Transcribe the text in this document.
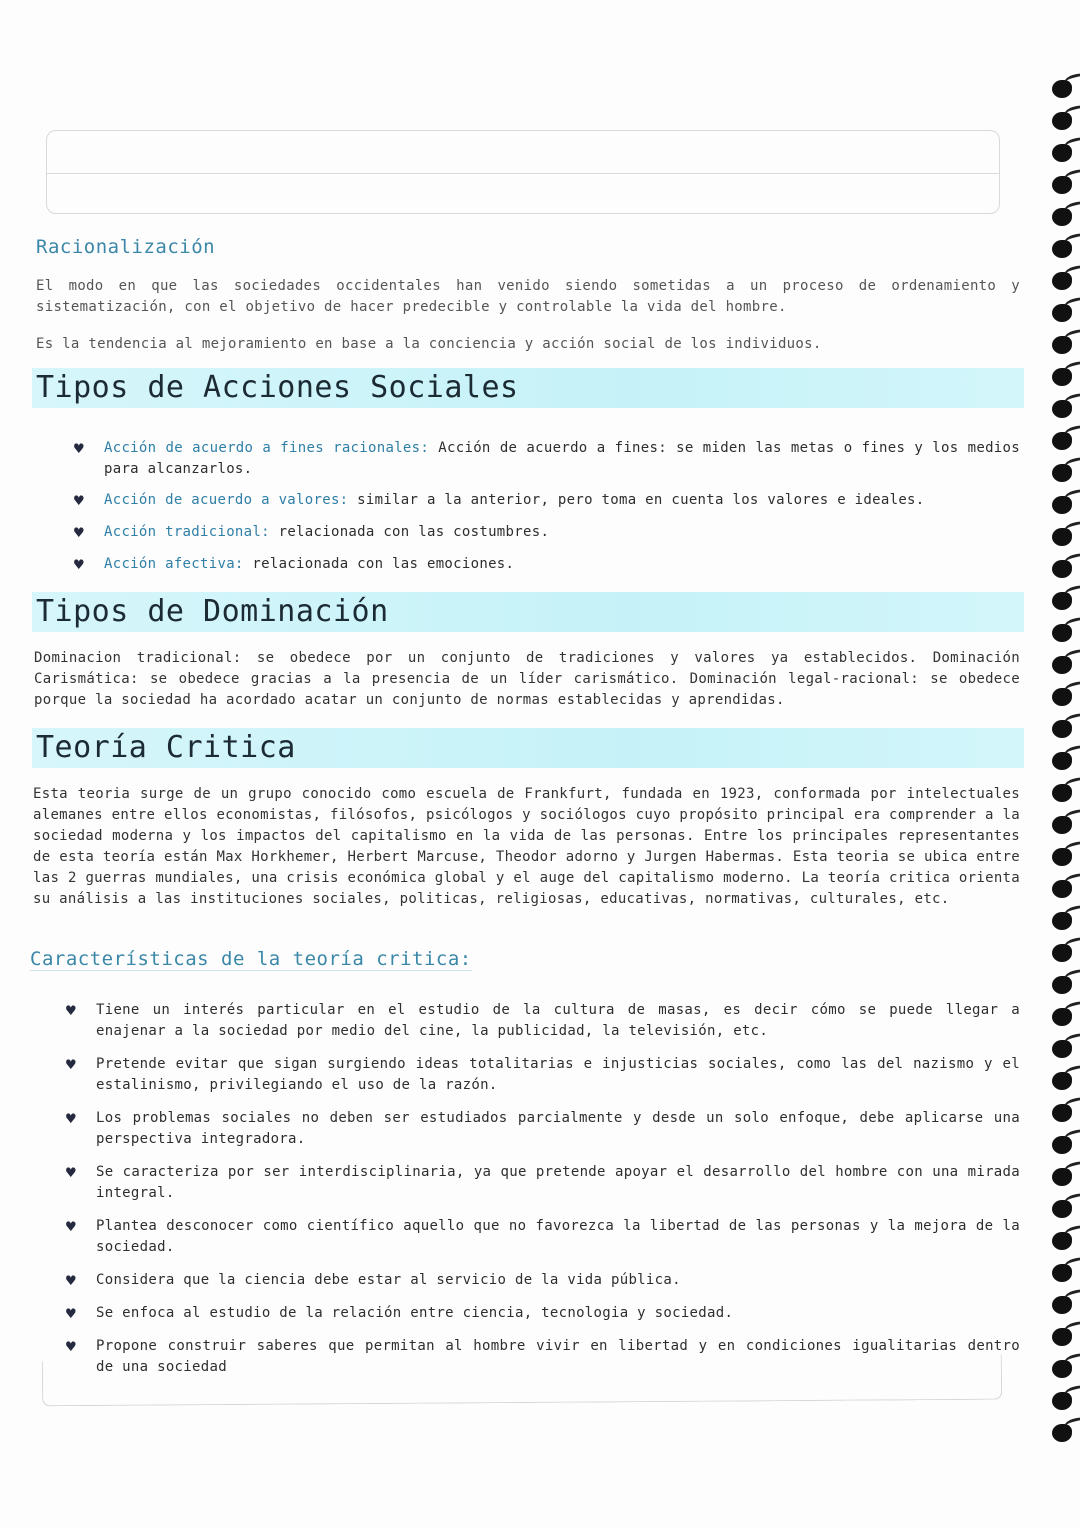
Racionalización
El modo en que las sociedades occidentales han venido siendo sometidas a un proceso de ordenamiento y sistematización, con el objetivo de hacer predecible y controlable la vida del hombre.
Es la tendencia al mejoramiento en base a la conciencia y acción social de los individuos.
Tipos de Acciones Sociales
♥ Acción de acuerdo a fines racionales: Acción de acuerdo a fines: se miden las metas o fines y los medios para alcanzarlos.
♥ Acción de acuerdo a valores: similar a la anterior, pero toma en cuenta los valores e ideales.
♥ Acción tradicional: relacionada con las costumbres.
♥ Acción afectiva: relacionada con las emociones.
Tipos de Dominación
Dominacion tradicional: se obedece por un conjunto de tradiciones y valores ya establecidos. Dominación Carismática: se obedece gracias a la presencia de un líder carismático. Dominación legal-racional: se obedece porque la sociedad ha acordado acatar un conjunto de normas establecidas y aprendidas.
Teoría Critica
Esta teoria surge de un grupo conocido como escuela de Frankfurt, fundada en 1923, conformada por intelectuales alemanes entre ellos economistas, filósofos, psicólogos y sociólogos cuyo propósito principal era comprender a la sociedad moderna y los impactos del capitalismo en la vida de las personas. Entre los principales representantes de esta teoría están Max Horkhemer, Herbert Marcuse, Theodor adorno y Jurgen Habermas. Esta teoria se ubica entre las 2 guerras mundiales, una crisis económica global y el auge del capitalismo moderno. La teoría critica orienta su análisis a las instituciones sociales, politicas, religiosas, educativas, normativas, culturales, etc.
Características de la teoría critica:
♥ Tiene un interés particular en el estudio de la cultura de masas, es decir cómo se puede llegar a enajenar a la sociedad por medio del cine, la publicidad, la televisión, etc.
♥ Pretende evitar que sigan surgiendo ideas totalitarias e injusticias sociales, como las del nazismo y el estalinismo, privilegiando el uso de la razón.
♥ Los problemas sociales no deben ser estudiados parcialmente y desde un solo enfoque, debe aplicarse una perspectiva integradora.
♥ Se caracteriza por ser interdisciplinaria, ya que pretende apoyar el desarrollo del hombre con una mirada integral.
♥ Plantea desconocer como científico aquello que no favorezca la libertad de las personas y la mejora de la sociedad.
♥ Considera que la ciencia debe estar al servicio de la vida pública.
♥ Se enfoca al estudio de la relación entre ciencia, tecnologia y sociedad.
♥ Propone construir saberes que permitan al hombre vivir en libertad y en condiciones igualitarias dentro de una sociedad
